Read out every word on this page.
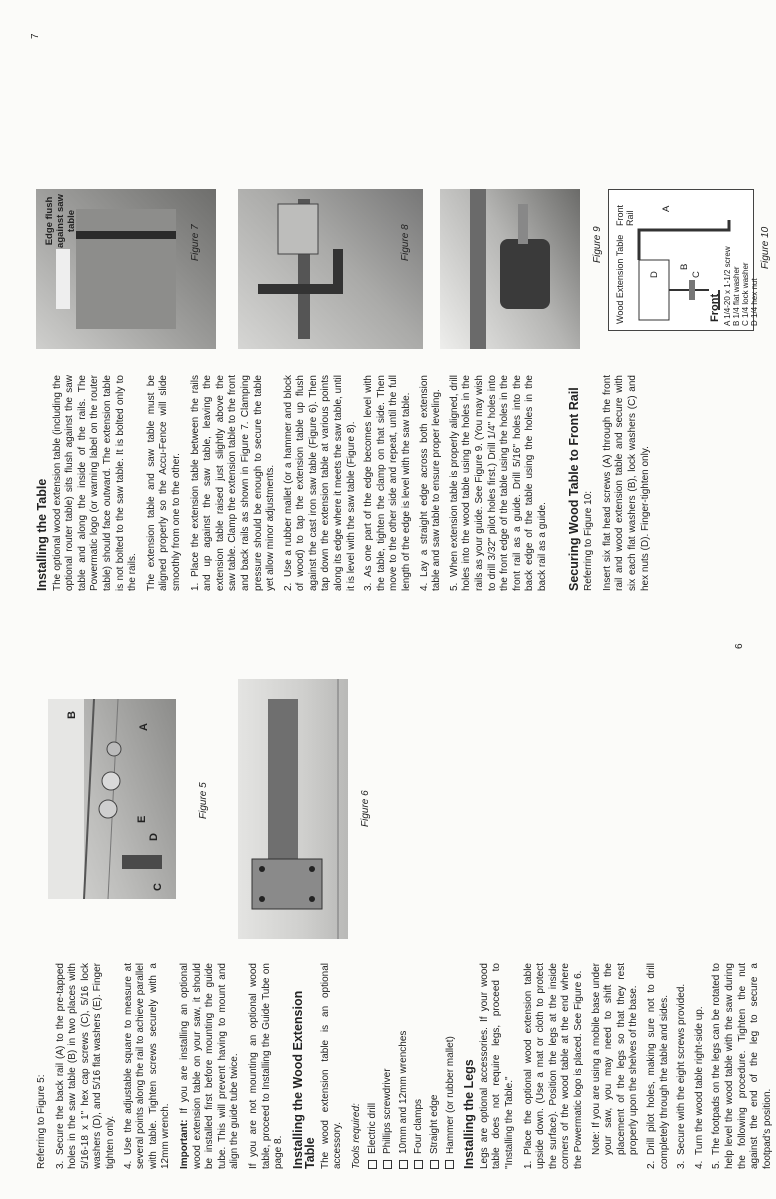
Referring to Figure 5: 3.Secure the back rail (A) to the pre-tapped holes in the saw table (B) in two places with 5/16-18 x 1" hex cap screws (C), 5/16 lock washers (D), and 5/16 flat washers (E). Finger tighten only. 4.Use the adjustable square to measure at several points along the rail to achieve parallel with table. Tighten screws securely with a 12mm wrench. Important: If you are installing an optional wood extension table on your saw, it should be installed first before mounting the guide tube. This will prevent having to mount and align the guide tube twice. If you are not mounting an optional wood table, proceed to Installing the Guide Tube on page 8. Installing the Wood Extension Table The wood extension table is an optional accessory. Tools required: Electric drill Phillips screwdriver 10mm and 12mm wrenches Four clamps Straight edge Hammer (or rubber mallet) Installing the Legs Legs are optional accessories. If your wood table does not require legs, proceed to "Installing the Table." 1.Place the optional wood extension table upside down. (Use a mat or cloth to protect the surface). Position the legs at the inside corners of the wood table at the end where the Powermatic logo is placed. See Figure 6. Note: If you are using a mobile base under your saw, you may need to shift the placement of the legs so that they rest properly upon the shelves of the base.
2.Drill pilot holes, making sure not to drill completely through the table and sides. 3.Secure with the eight screws provided.
4.Turn the wood table right-side up.
5.The footpads on the legs can be rotated to help level the wood table with the saw during the following procedure. Tighten the nut against the end of the leg to secure a footpad's position.
C
D
E
A
B
Figure 5	Figure 6
6
Installing the Table The optional wood extension table (including the optional router table) sits flush against the saw table and along the inside of the rails. The Powermatic logo (or warning label on the router table) should face outward. The extension table is not bolted to the saw table. It is bolted only to the rails. The extension table and saw table must be aligned properly so the Accu-Fence will slide smoothly from one to the other. 1.Place the extension table between the rails and up against the saw table, leaving the extension table raised just slightly above the saw table. Clamp the extension table to the front and back rails as shown in Figure 7. Clamping pressure should be enough to secure the table yet allow minor adjustments. 2.Use a rubber mallet (or a hammer and block of wood) to tap the extension table up flush against the cast iron saw table (Figure 6). Then tap down the extension table at various points along its edge where it meets the saw table, until it is level with the saw table (Figure 8). 3.As one part of the edge becomes level with the table, tighten the clamp on that side. Then move to the other side and repeat, until the full length of the edge is level with the saw table. 4.Lay a straight edge across both extension table and saw table to ensure proper leveling. 5.When extension table is properly aligned, drill holes into the wood table using the holes in the rails as your guide. See Figure 9. (You may wish to drill 3/32" pilot holes first.) Drill 1/4" holes into the front edge of the table using the holes in the front rail as a guide. Drill 5/16" holes into the back edge of the table using the holes in the back rail as a guide. Securing Wood Table to Front Rail Referring to Figure 10: Insert six flat head screws (A) through the front rail and wood extension table and secure with six each flat washers (B), lock washers (C) and hex nuts (D). Finger-tighten only.

Edge flush against saw table
Figure 7	Figure 8	Figure 9 Wood Extension Table	Front
Front Rail
A
B
C
D	A 1/4-20 x 1-1/2 screw B 1/4 flat washer C 1/4 lock washer D 1/4 hex nut
Figure 10
7
